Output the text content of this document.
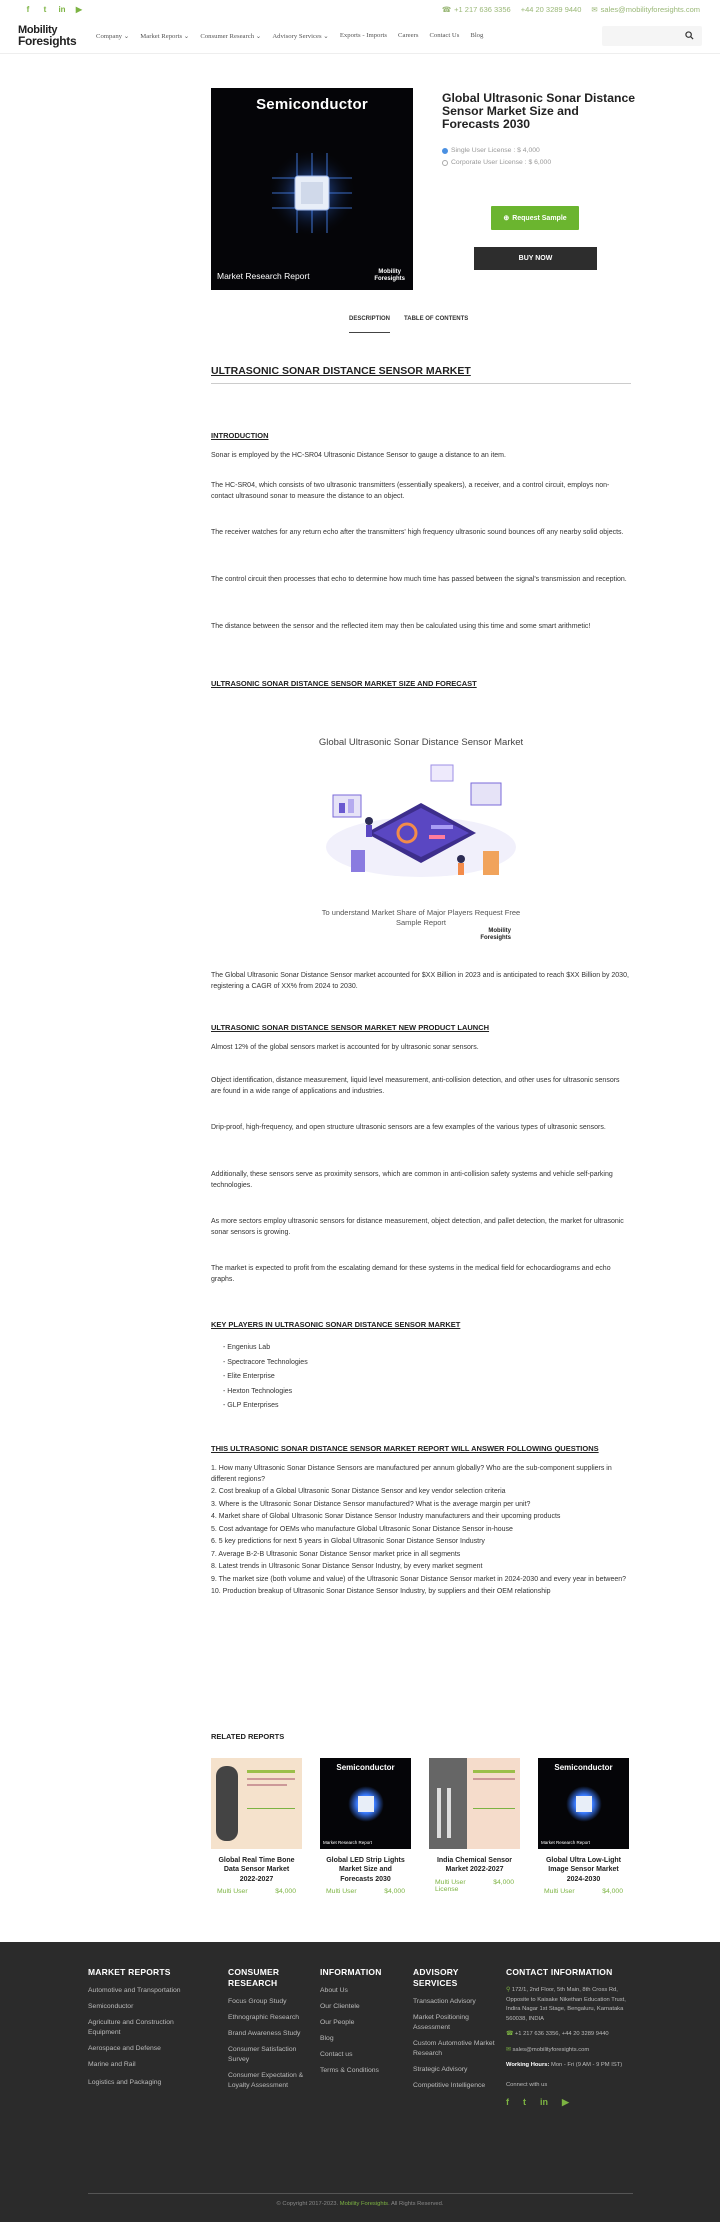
f	t	in ▶	☎ +1 217 636 3356 +44 20 3289 9440 ✉ sales@mobilityforesights.com
Mobility
Foresights	Company ⌄ Market Reports ⌄ Consumer Research ⌄ Advisory Services ⌄ Exports - Imports Careers Contact Us Blog
Semiconductor
Market Research Report	Mobility
Foresights
Global Ultrasonic Sonar Distance Sensor Market Size and Forecasts 2030
Single User License : $ 4,000
Corporate User License : $ 6,000
⊕ Request Sample
BUY NOW
DESCRIPTION TABLE OF CONTENTS
ULTRASONIC SONAR DISTANCE SENSOR MARKET
INTRODUCTION

Sonar is employed by the HC-SR04 Ultrasonic Distance Sensor to gauge a distance to an item.

The HC-SR04, which consists of two ultrasonic transmitters (essentially speakers), a receiver, and a control circuit, employs non-contact ultrasound sonar to measure the distance to an object.

The receiver watches for any return echo after the transmitters' high frequency ultrasonic sound bounces off any nearby solid objects.

The control circuit then processes that echo to determine how much time has passed between the signal's transmission and reception.

The distance between the sensor and the reflected item may then be calculated using this time and some smart arithmetic!

ULTRASONIC SONAR DISTANCE SENSOR MARKET SIZE AND FORECAST
Global Ultrasonic Sonar Distance Sensor Market
To understand Market Share of Major Players Request Free Sample Report
Mobility
Foresights

The Global Ultrasonic Sonar Distance Sensor market accounted for $XX Billion in 2023 and is anticipated to reach $XX Billion by 2030, registering a CAGR of XX% from 2024 to 2030.

ULTRASONIC SONAR DISTANCE SENSOR MARKET NEW PRODUCT LAUNCH

Almost 12% of the global sensors market is accounted for by ultrasonic sonar sensors.

Object identification, distance measurement, liquid level measurement, anti-collision detection, and other uses for ultrasonic sensors are found in a wide range of applications and industries.

Drip-proof, high-frequency, and open structure ultrasonic sensors are a few examples of the various types of ultrasonic sensors.

Additionally, these sensors serve as proximity sensors, which are common in anti-collision safety systems and vehicle self-parking technologies.

As more sectors employ ultrasonic sensors for distance measurement, object detection, and pallet detection, the market for ultrasonic sonar sensors is growing.

The market is expected to profit from the escalating demand for these systems in the medical field for echocardiograms and echo graphs.

KEY PLAYERS IN ULTRASONIC SONAR DISTANCE SENSOR MARKET
- Engenius Lab
- Spectracore Technologies
- Elite Enterprise
- Hexton Technologies
- GLP Enterprises
THIS ULTRASONIC SONAR DISTANCE SENSOR MARKET REPORT WILL ANSWER FOLLOWING QUESTIONS

1. How many Ultrasonic Sonar Distance Sensors are manufactured per annum globally? Who are the sub-component suppliers in different regions?

2. Cost breakup of a Global Ultrasonic Sonar Distance Sensor and key vendor selection criteria

3. Where is the Ultrasonic Sonar Distance Sensor manufactured? What is the average margin per unit?

4. Market share of Global Ultrasonic Sonar Distance Sensor Industry manufacturers and their upcoming products

5. Cost advantage for OEMs who manufacture Global Ultrasonic Sonar Distance Sensor in-house

6. 5 key predictions for next 5 years in Global Ultrasonic Sonar Distance Sensor Industry

7. Average B-2-B Ultrasonic Sonar Distance Sensor market price in all segments

8. Latest trends in Ultrasonic Sonar Distance Sensor Industry, by every market segment

9. The market size (both volume and value) of the Ultrasonic Sonar Distance Sensor market in 2024-2030 and every year in between?

10. Production breakup of Ultrasonic Sonar Distance Sensor Industry, by suppliers and their OEM relationship

RELATED REPORTS
Global Real Time Bone Data Sensor Market 2022-2027
Multi User	$4,000
Semiconductor
Market Research Report
Global LED Strip Lights Market Size and Forecasts 2030
Multi User	$4,000
India Chemical Sensor Market 2022-2027
Multi User	$4,000
License
Semiconductor
Market Research Report
Global Ultra Low-Light Image Sensor Market 2024-2030
Multi User	$4,000
MARKET REPORTS
Automotive and Transportation
Semiconductor
Agriculture and Construction Equipment
Aerospace and Defense
Marine and Rail
Logistics and Packaging
CONSUMER RESEARCH
Focus Group Study
Ethnographic Research
Brand Awareness Study
Consumer Satisfaction Survey
Consumer Expectation & Loyalty Assessment
INFORMATION
About Us
Our Clientele
Our People
Blog
Contact us
Terms & Conditions
ADVISORY SERVICES
Transaction Advisory
Market Positioning Assessment
Custom Automotive Market Research
Strategic Advisory
Competitive Intelligence
CONTACT INFORMATION
⚲ 172/1, 2nd Floor, 5th Main, 8th Cross Rd, Opposite to Kaisake Nikethan Education Trust, Indira Nagar 1st Stage, Bengaluru, Karnataka 560038, INDIA
☎ +1 217 636 3356, +44 20 3289 9440
✉ sales@mobilityforesights.com
Working Hours: Mon - Fri (9 AM - 9 PM IST)
Connect with us
f t in ▶
© Copyright 2017-2023. Mobility Foresights. All Rights Reserved.
